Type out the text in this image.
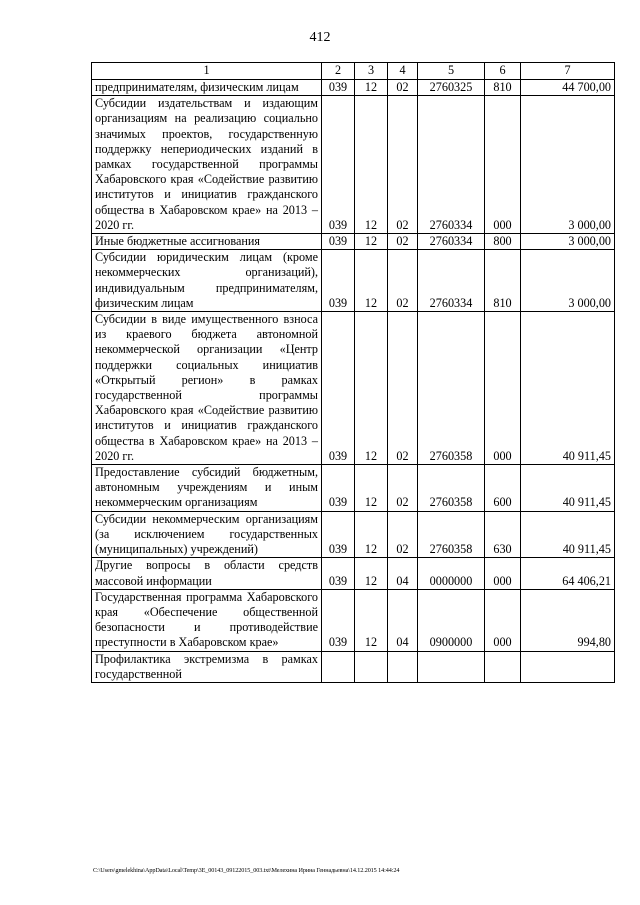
412
1	2	3	4	5	6	7
предпринимателям, физическим лицам	039	12	02	2760325	810	44 700,00
Субсидии издательствам и издающим организациям на реализацию социально значимых проектов, государственную поддержку непериодических изданий в рамках государственной программы Хабаровского края «Содействие развитию институтов и инициатив гражданского общества в Хабаровском крае» на 2013 – 2020 гг.	039	12	02	2760334	000	3 000,00
Иные бюджетные ассигнования	039	12	02	2760334	800	3 000,00
Субсидии юридическим лицам (кроме некоммерческих организаций), индивидуальным предпринимателям, физическим лицам	039	12	02	2760334	810	3 000,00
Субсидии в виде имущественного взноса из краевого бюджета автономной некоммерческой организации «Центр поддержки социальных инициатив «Открытый регион» в рамках государственной программы Хабаровского края «Содействие развитию институтов и инициатив гражданского общества в Хабаровском крае» на 2013 – 2020 гг.	039	12	02	2760358	000	40 911,45
Предоставление субсидий бюджетным, автономным учреждениям и иным некоммерческим организациям	039	12	02	2760358	600	40 911,45
Субсидии некоммерческим организациям (за исключением государственных (муниципальных) учреждений)	039	12	02	2760358	630	40 911,45
Другие вопросы в области средств массовой информации	039	12	04	0000000	000	64 406,21
Государственная программа Хабаровского края «Обеспечение общественной безопасности и противодействие преступности в Хабаровском крае»	039	12	04	0900000	000	994,80
Профилактика экстремизма в рамках государственной						
C:\Users\gmelekhina\AppData\Local\Temp\3E_00143_09122015_003.txt\Мелехина Ирина Геннадьевна\14.12.2015 14:44:24
